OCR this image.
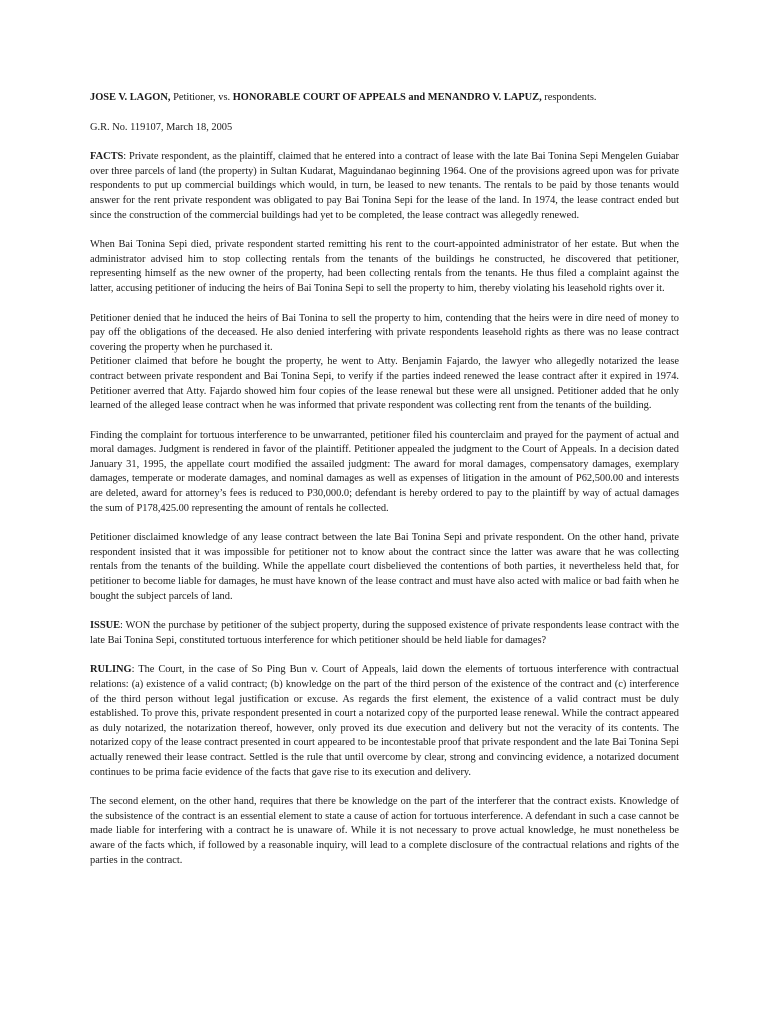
JOSE V. LAGON, Petitioner, vs. HONORABLE COURT OF APPEALS and MENANDRO V. LAPUZ, respondents.

G.R. No. 119107, March 18, 2005

FACTS: Private respondent, as the plaintiff, claimed that he entered into a contract of lease with the late Bai Tonina Sepi Mengelen Guiabar over three parcels of land (the property) in Sultan Kudarat, Maguindanao beginning 1964. One of the provisions agreed upon was for private respondents to put up commercial buildings which would, in turn, be leased to new tenants. The rentals to be paid by those tenants would answer for the rent private respondent was obligated to pay Bai Tonina Sepi for the lease of the land. In 1974, the lease contract ended but since the construction of the commercial buildings had yet to be completed, the lease contract was allegedly renewed.

When Bai Tonina Sepi died, private respondent started remitting his rent to the court-appointed administrator of her estate. But when the administrator advised him to stop collecting rentals from the tenants of the buildings he constructed, he discovered that petitioner, representing himself as the new owner of the property, had been collecting rentals from the tenants. He thus filed a complaint against the latter, accusing petitioner of inducing the heirs of Bai Tonina Sepi to sell the property to him, thereby violating his leasehold rights over it.

Petitioner denied that he induced the heirs of Bai Tonina to sell the property to him, contending that the heirs were in dire need of money to pay off the obligations of the deceased. He also denied interfering with private respondents leasehold rights as there was no lease contract covering the property when he purchased it.

Petitioner claimed that before he bought the property, he went to Atty. Benjamin Fajardo, the lawyer who allegedly notarized the lease contract between private respondent and Bai Tonina Sepi, to verify if the parties indeed renewed the lease contract after it expired in 1974. Petitioner averred that Atty. Fajardo showed him four copies of the lease renewal but these were all unsigned. Petitioner added that he only learned of the alleged lease contract when he was informed that private respondent was collecting rent from the tenants of the building.

Finding the complaint for tortuous interference to be unwarranted, petitioner filed his counterclaim and prayed for the payment of actual and moral damages. Judgment is rendered in favor of the plaintiff. Petitioner appealed the judgment to the Court of Appeals. In a decision dated January 31, 1995, the appellate court modified the assailed judgment: The award for moral damages, compensatory damages, exemplary damages, temperate or moderate damages, and nominal damages as well as expenses of litigation in the amount of P62,500.00 and interests are deleted, award for attorney’s fees is reduced to P30,000.0; defendant is hereby ordered to pay to the plaintiff by way of actual damages the sum of P178,425.00 representing the amount of rentals he collected.

Petitioner disclaimed knowledge of any lease contract between the late Bai Tonina Sepi and private respondent. On the other hand, private respondent insisted that it was impossible for petitioner not to know about the contract since the latter was aware that he was collecting rentals from the tenants of the building. While the appellate court disbelieved the contentions of both parties, it nevertheless held that, for petitioner to become liable for damages, he must have known of the lease contract and must have also acted with malice or bad faith when he bought the subject parcels of land.

ISSUE: WON the purchase by petitioner of the subject property, during the supposed existence of private respondents lease contract with the late Bai Tonina Sepi, constituted tortuous interference for which petitioner should be held liable for damages?

RULING: The Court, in the case of So Ping Bun v. Court of Appeals, laid down the elements of tortuous interference with contractual relations: (a) existence of a valid contract; (b) knowledge on the part of the third person of the existence of the contract and (c) interference of the third person without legal justification or excuse. As regards the first element, the existence of a valid contract must be duly established. To prove this, private respondent presented in court a notarized copy of the purported lease renewal. While the contract appeared as duly notarized, the notarization thereof, however, only proved its due execution and delivery but not the veracity of its contents. The notarized copy of the lease contract presented in court appeared to be incontestable proof that private respondent and the late Bai Tonina Sepi actually renewed their lease contract. Settled is the rule that until overcome by clear, strong and convincing evidence, a notarized document continues to be prima facie evidence of the facts that gave rise to its execution and delivery.

The second element, on the other hand, requires that there be knowledge on the part of the interferer that the contract exists. Knowledge of the subsistence of the contract is an essential element to state a cause of action for tortuous interference. A defendant in such a case cannot be made liable for interfering with a contract he is unaware of. While it is not necessary to prove actual knowledge, he must nonetheless be aware of the facts which, if followed by a reasonable inquiry, will lead to a complete disclosure of the contractual relations and rights of the parties in the contract.
